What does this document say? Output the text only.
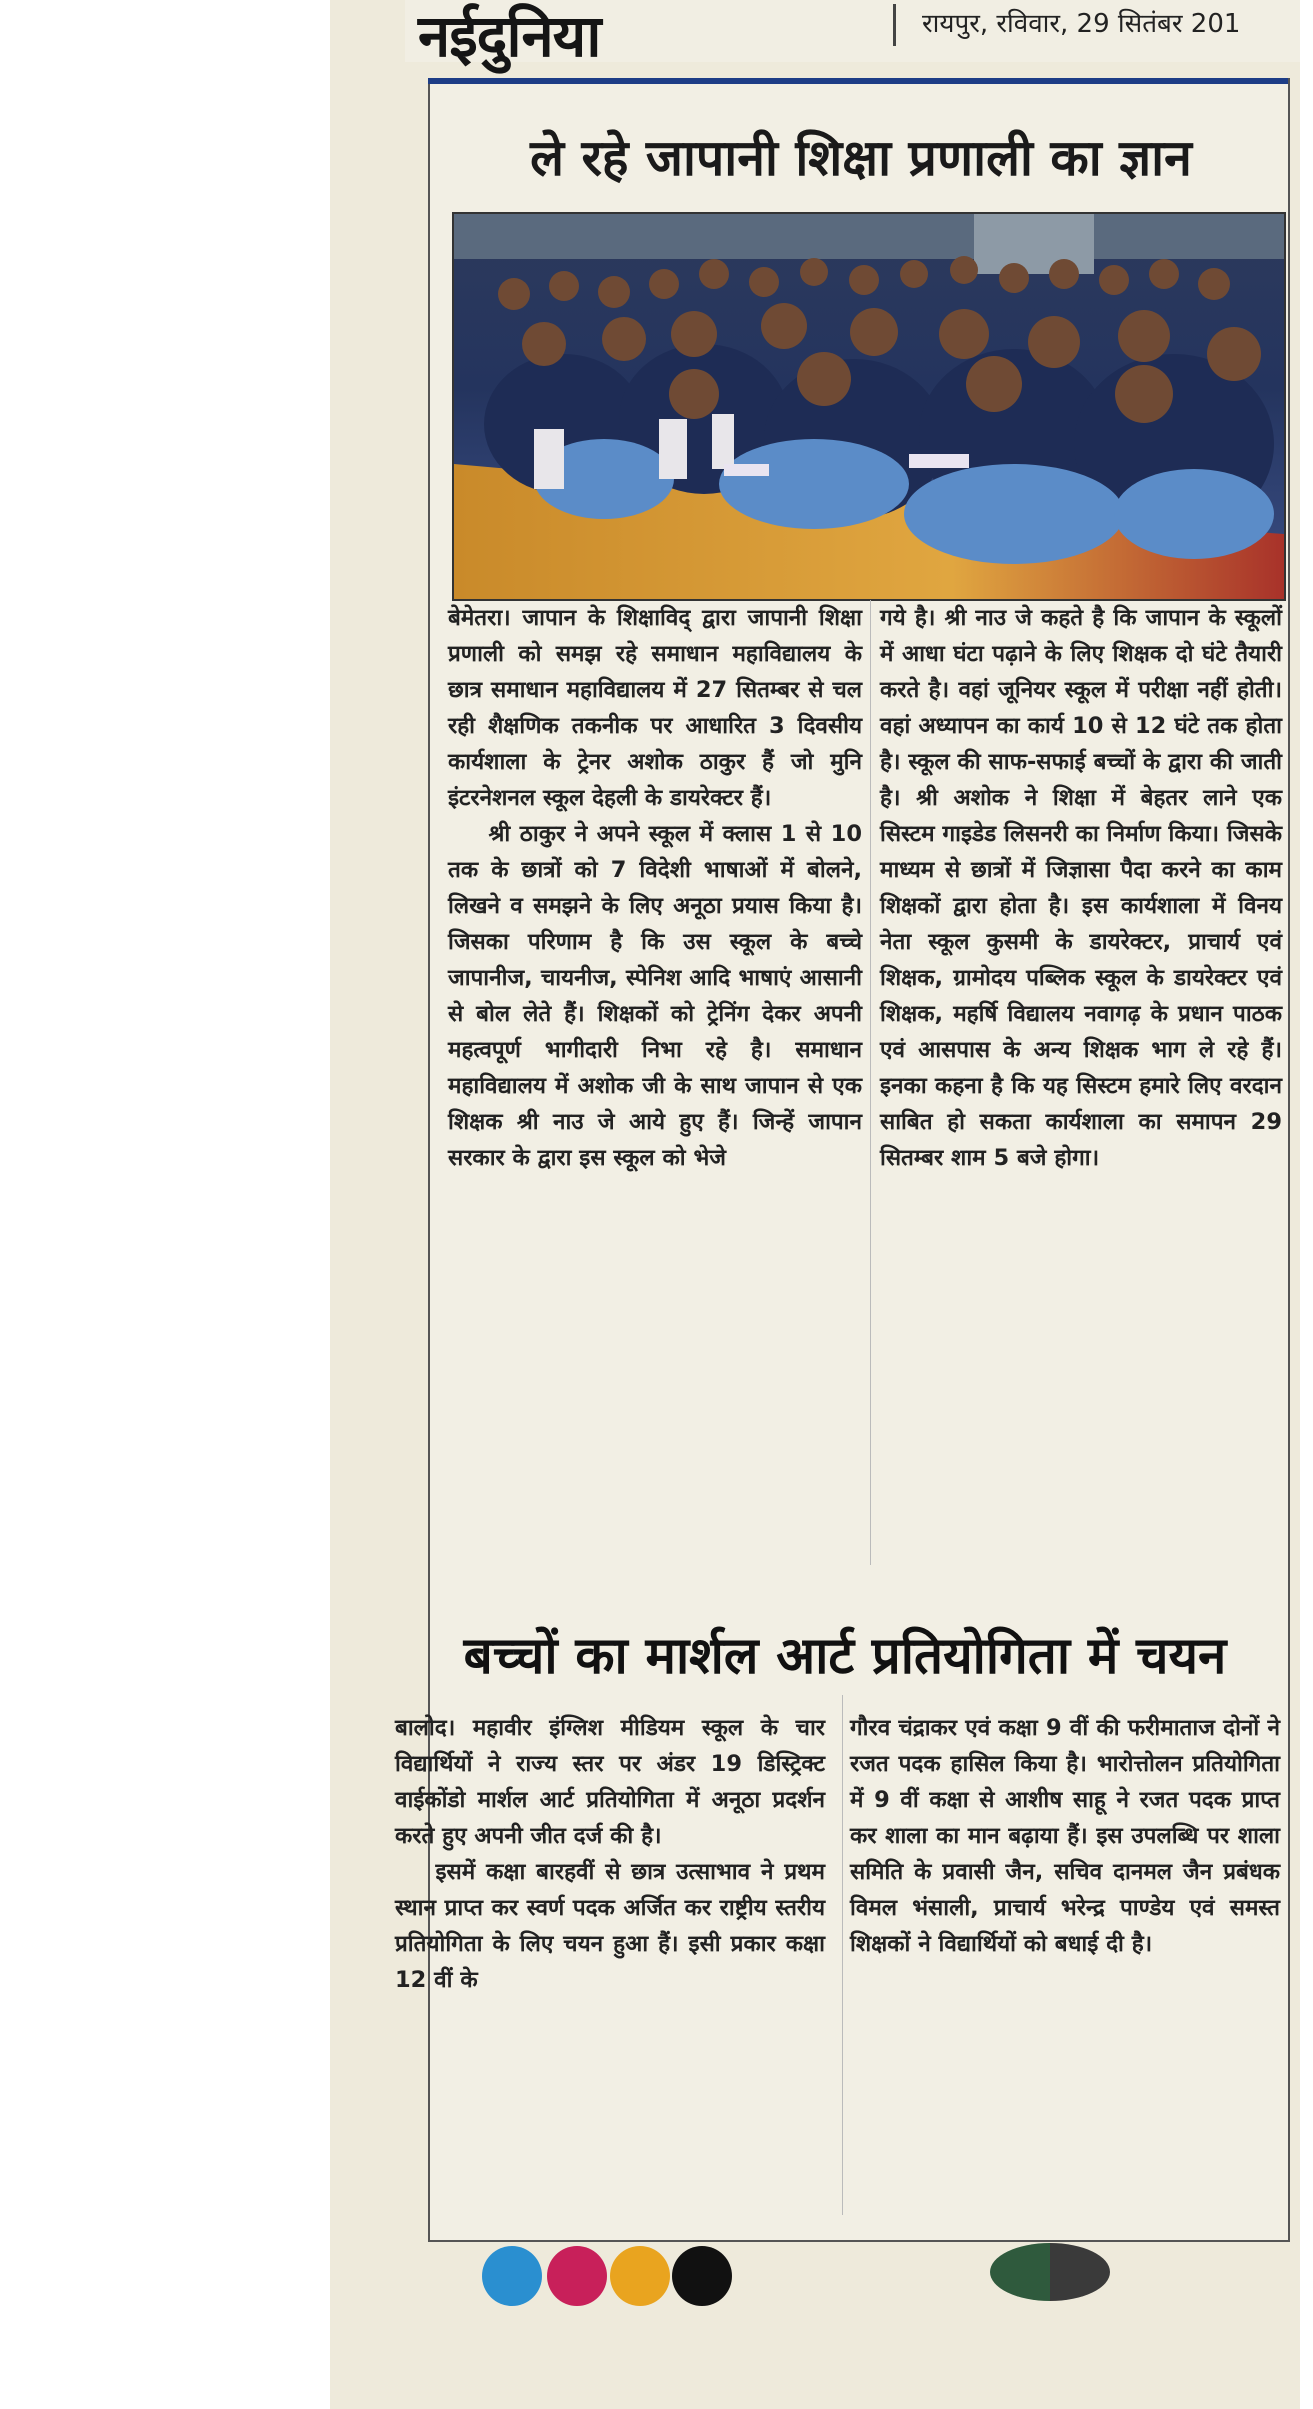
नईदुनिया	रायपुर, रविवार, 29 सितंबर 201
ले रहे जापानी शिक्षा प्रणाली का ज्ञान

बेमेतरा। जापान के शिक्षाविद् द्वारा जापानी शिक्षा प्रणाली को समझ रहे समाधान महाविद्यालय के छात्र समाधान महाविद्यालय में 27 सितम्बर से चल रही शैक्षणिक तकनीक पर आधारित 3 दिवसीय कार्यशाला के ट्रेनर अशोक ठाकुर हैं जो मुनि इंटरनेशनल स्कूल देहली के डायरेक्टर हैं।

श्री ठाकुर ने अपने स्कूल में क्लास 1 से 10 तक के छात्रों को 7 विदेशी भाषाओं में बोलने, लिखने व समझने के लिए अनूठा प्रयास किया है। जिसका परिणाम है कि उस स्कूल के बच्चे जापानीज, चायनीज, स्पेनिश आदि भाषाएं आसानी से बोल लेते हैं। शिक्षकों को ट्रेनिंग देकर अपनी महत्वपूर्ण भागीदारी निभा रहे है। समाधान महाविद्यालय में अशोक जी के साथ जापान से एक शिक्षक श्री नाउ जे आये हुए हैं। जिन्हें जापान सरकार के द्वारा इस स्कूल को भेजे

गये है। श्री नाउ जे कहते है कि जापान के स्कूलों में आधा घंटा पढ़ाने के लिए शिक्षक दो घंटे तैयारी करते है। वहां जूनियर स्कूल में परीक्षा नहीं होती। वहां अध्यापन का कार्य 10 से 12 घंटे तक होता है। स्कूल की साफ-सफाई बच्चों के द्वारा की जाती है। श्री अशोक ने शिक्षा में बेहतर लाने एक सिस्टम गाइडेड लिसनरी का निर्माण किया। जिसके माध्यम से छात्रों में जिज्ञासा पैदा करने का काम शिक्षकों द्वारा होता है। इस कार्यशाला में विनय नेता स्कूल कुसमी के डायरेक्टर, प्राचार्य एवं शिक्षक, ग्रामोदय पब्लिक स्कूल के डायरेक्टर एवं शिक्षक, महर्षि विद्यालय नवागढ़ के प्रधान पाठक एवं आसपास के अन्य शिक्षक भाग ले रहे हैं। इनका कहना है कि यह सिस्टम हमारे लिए वरदान साबित हो सकता कार्यशाला का समापन 29 सितम्बर शाम 5 बजे होगा।

बच्चों का मार्शल आर्ट प्रतियोगिता में चयन

बालोद। महावीर इंग्लिश मीडियम स्कूल के चार विद्यार्थियों ने राज्य स्तर पर अंडर 19 डिस्ट्रिक्ट वाईकोंडो मार्शल आर्ट प्रतियोगिता में अनूठा प्रदर्शन करते हुए अपनी जीत दर्ज की है।

इसमें कक्षा बारहवीं से छात्र उत्साभाव ने प्रथम स्थान प्राप्त कर स्वर्ण पदक अर्जित कर राष्ट्रीय स्तरीय प्रतियोगिता के लिए चयन हुआ हैं। इसी प्रकार कक्षा 12 वीं के

गौरव चंद्राकर एवं कक्षा 9 वीं की फरीमाताज दोनों ने रजत पदक हासिल किया है। भारोत्तोलन प्रतियोगिता में 9 वीं कक्षा से आशीष साहू ने रजत पदक प्राप्त कर शाला का मान बढ़ाया हैं। इस उपलब्धि पर शाला समिति के प्रवासी जैन, सचिव दानमल जैन प्रबंधक विमल भंसाली, प्राचार्य भरेन्द्र पाण्डेय एवं समस्त शिक्षकों ने विद्यार्थियों को बधाई दी है।
